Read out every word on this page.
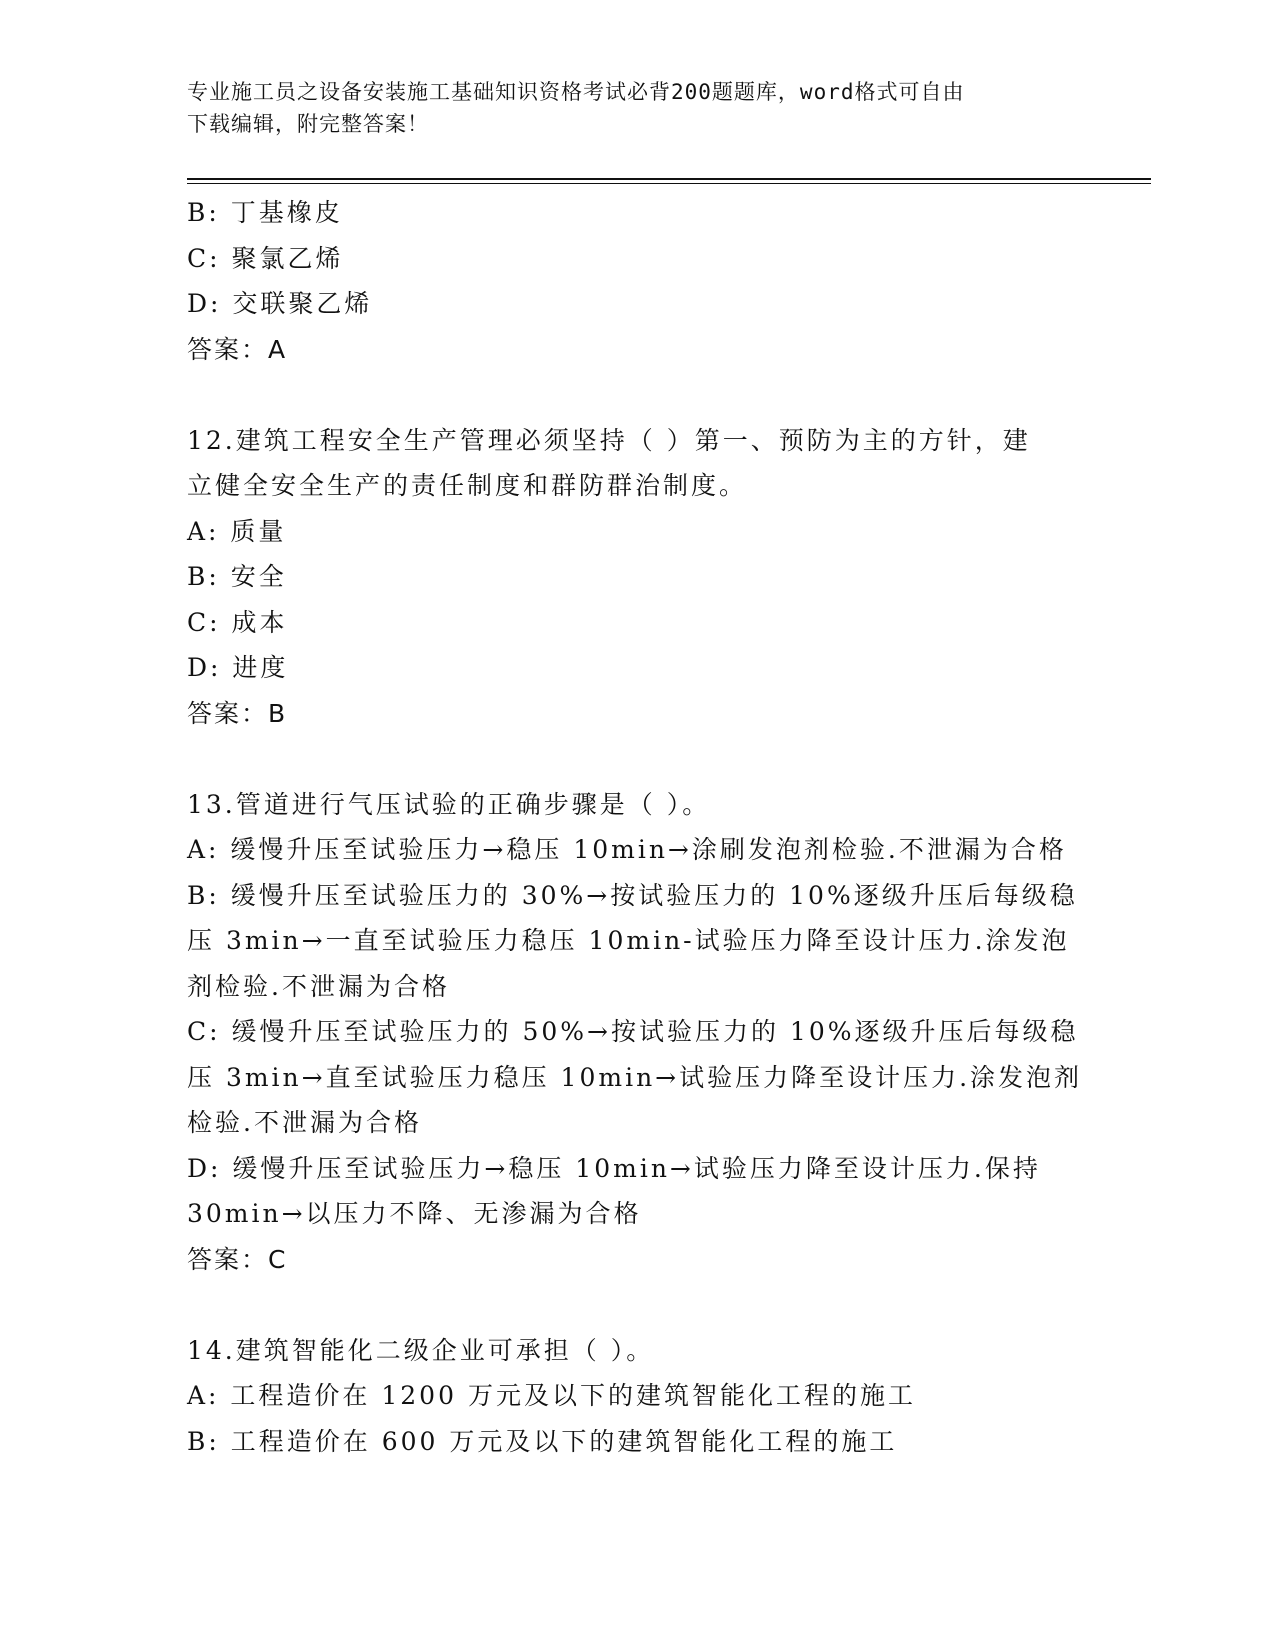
专业施工员之设备安装施工基础知识资格考试必背200题题库，word格式可自由
下载编辑，附完整答案！
B: 丁基橡皮
C: 聚氯乙烯
D: 交联聚乙烯
答案：A
12.建筑工程安全生产管理必须坚持（ ）第一、预防为主的方针，建
立健全安全生产的责任制度和群防群治制度。
A: 质量
B: 安全
C: 成本
D: 进度
答案：B
13.管道进行气压试验的正确步骤是（ ）。
A: 缓慢升压至试验压力→稳压 10min→涂刷发泡剂检验.不泄漏为合格
B: 缓慢升压至试验压力的 30%→按试验压力的 10%逐级升压后每级稳
压 3min→一直至试验压力稳压 10min-试验压力降至设计压力.涂发泡
剂检验.不泄漏为合格
C: 缓慢升压至试验压力的 50%→按试验压力的 10%逐级升压后每级稳
压 3min→直至试验压力稳压 10min→试验压力降至设计压力.涂发泡剂
检验.不泄漏为合格
D: 缓慢升压至试验压力→稳压 10min→试验压力降至设计压力.保持
30min→以压力不降、无渗漏为合格
答案：C
14.建筑智能化二级企业可承担（ ）。
A: 工程造价在 1200 万元及以下的建筑智能化工程的施工
B: 工程造价在 600 万元及以下的建筑智能化工程的施工
